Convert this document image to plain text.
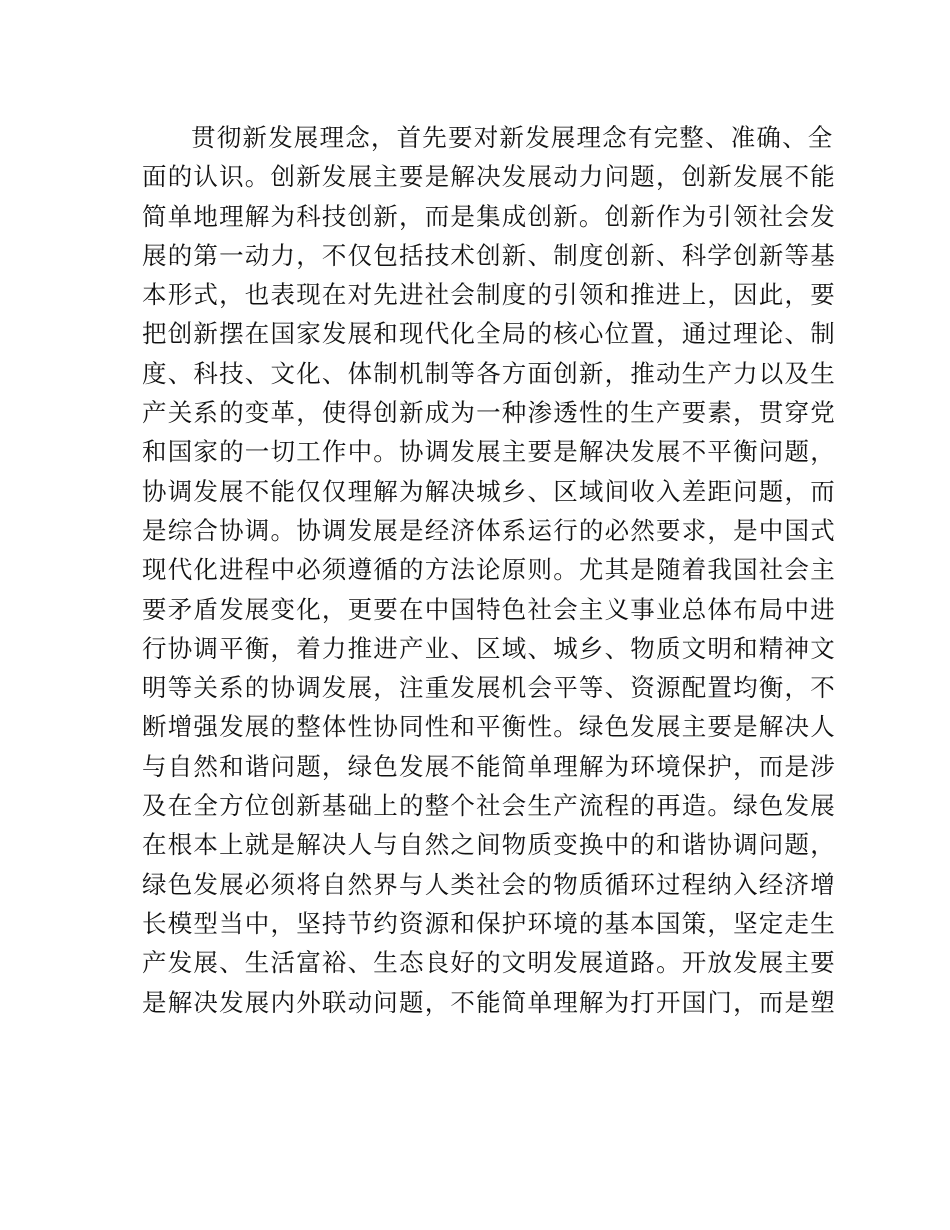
贯彻新发展理念，首先要对新发展理念有完整、准确、全
面的认识。创新发展主要是解决发展动力问题，创新发展不能
简单地理解为科技创新，而是集成创新。创新作为引领社会发
展的第一动力，不仅包括技术创新、制度创新、科学创新等基
本形式，也表现在对先进社会制度的引领和推进上，因此，要
把创新摆在国家发展和现代化全局的核心位置，通过理论、制
度、科技、文化、体制机制等各方面创新，推动生产力以及生
产关系的变革，使得创新成为一种渗透性的生产要素，贯穿党
和国家的一切工作中。协调发展主要是解决发展不平衡问题，
协调发展不能仅仅理解为解决城乡、区域间收入差距问题，而
是综合协调。协调发展是经济体系运行的必然要求，是中国式
现代化进程中必须遵循的方法论原则。尤其是随着我国社会主
要矛盾发展变化，更要在中国特色社会主义事业总体布局中进
行协调平衡，着力推进产业、区域、城乡、物质文明和精神文
明等关系的协调发展，注重发展机会平等、资源配置均衡，不
断增强发展的整体性协同性和平衡性。绿色发展主要是解决人
与自然和谐问题，绿色发展不能简单理解为环境保护，而是涉
及在全方位创新基础上的整个社会生产流程的再造。绿色发展
在根本上就是解决人与自然之间物质变换中的和谐协调问题，
绿色发展必须将自然界与人类社会的物质循环过程纳入经济增
长模型当中，坚持节约资源和保护环境的基本国策，坚定走生
产发展、生活富裕、生态良好的文明发展道路。开放发展主要
是解决发展内外联动问题，不能简单理解为打开国门，而是塑
